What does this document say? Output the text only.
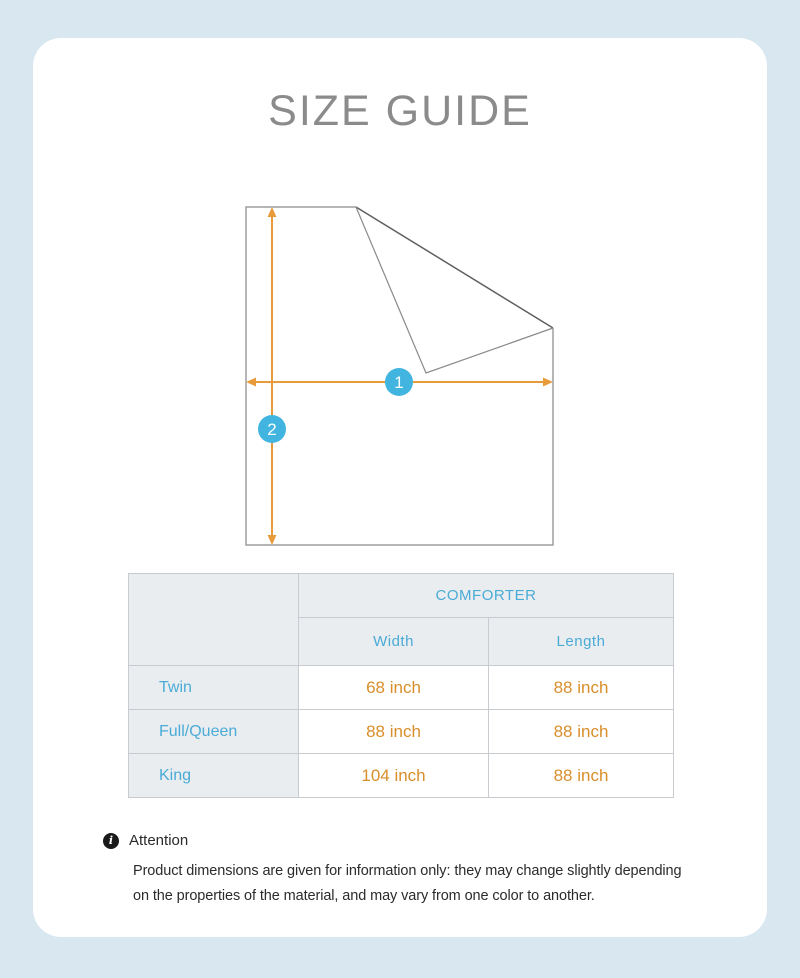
SIZE GUIDE
1
2
	COMFORTER	
	Width	Length
Twin	68 inch	88 inch
Full/Queen	88 inch	88 inch
King	104 inch	88 inch
i	Attention
Product dimensions are given for information only: they may change slightly depending
on the properties of the material, and may vary from one color to another.
